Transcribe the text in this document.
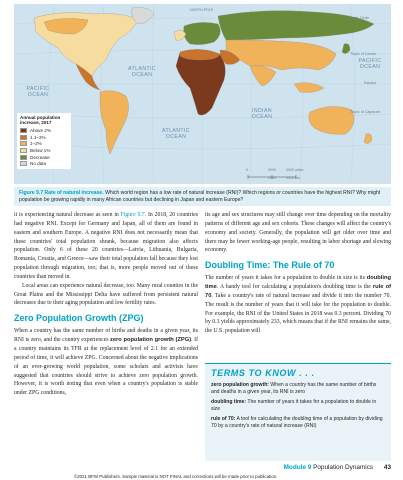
ATLANTIC
OCEAN
ATLANTIC
OCEAN
PACIFIC
OCEAN
PACIFIC
OCEAN
INDIAN
OCEAN
NORTH POLE
Arctic Circle
Tropic of Cancer
Equator
Tropic of Capricorn
0	2000	4000 miles
2000	4000 km
Annual population increase, 2017
Above 2%
1.1–2%
1–2%
Below 1%
Decrease
No data
Figure 9.7 Rate of natural increase. Which world region has a low rate of natural increase (RNI)? Which regions or countries have the highest RNI? Why might population be growing rapidly in many African countries but declining in Japan and eastern Europe?

it is experiencing natural decrease as seen in Figure 9.7. In 2018, 20 countries had negative RNI. Except for Germany and Japan, all of them are found in eastern and southern Europe. A negative RNI does not necessarily mean that these countries' total population shrank, because migration also affects population. Only 6 of these 20 countries—Latvia, Lithuania, Bulgaria, Romania, Croatia, and Greece—saw their total population fall because they lost population through migration, too; that is, more people moved out of these countries than moved in.

Local areas can experience natural decrease, too. Many rural counties in the Great Plains and the Mississippi Delta have suffered from persistent natural decreases due to their aging population and low fertility rates.

Zero Population Growth (ZPG)

When a country has the same number of births and deaths in a given year, its RNI is zero, and the country experiences zero population growth (ZPG). If a country maintains its TFR at the replacement level of 2.1 for an extended period of time, it will achieve ZPG. Concerned about the negative implications of an ever-growing world population, some scholars and activists have suggested that countries should strive to achieve zero population growth. However, it is worth noting that even when a country's population is stable under ZPG conditions,

its age and sex structures may still change over time depending on the mortality patterns of different age and sex cohorts. These changes will affect the country's economy and society. Generally, the population will get older over time and there may be fewer working-age people, resulting in labor shortage and slowing economy.

Doubling Time: The Rule of 70

The number of years it takes for a population to double in size is its doubling time. A handy tool for calculating a population's doubling time is the rule of 70. Take a country's rate of natural increase and divide it into the number 70. The result is the number of years that it will take for the population to double. For example, the RNI of the United States in 2018 was 0.3 percent. Dividing 70 by 0.3 yields approximately 233, which means that if the RNI remains the same, the U.S. population will

TERMS TO KNOW . . .
zero population growth: When a country has the same number of births and deaths in a given year, its RNI is zero
doubling time: The number of years it takes for a population to double in size
rule of 70: A tool for calculating the doubling time of a population by dividing 70 by a country's rate of natural increase (RNI)
Module 9 Population Dynamics 43
©2021 BFW Publishers. Sample material is NOT FINAL and corrections will be made prior to publication.
